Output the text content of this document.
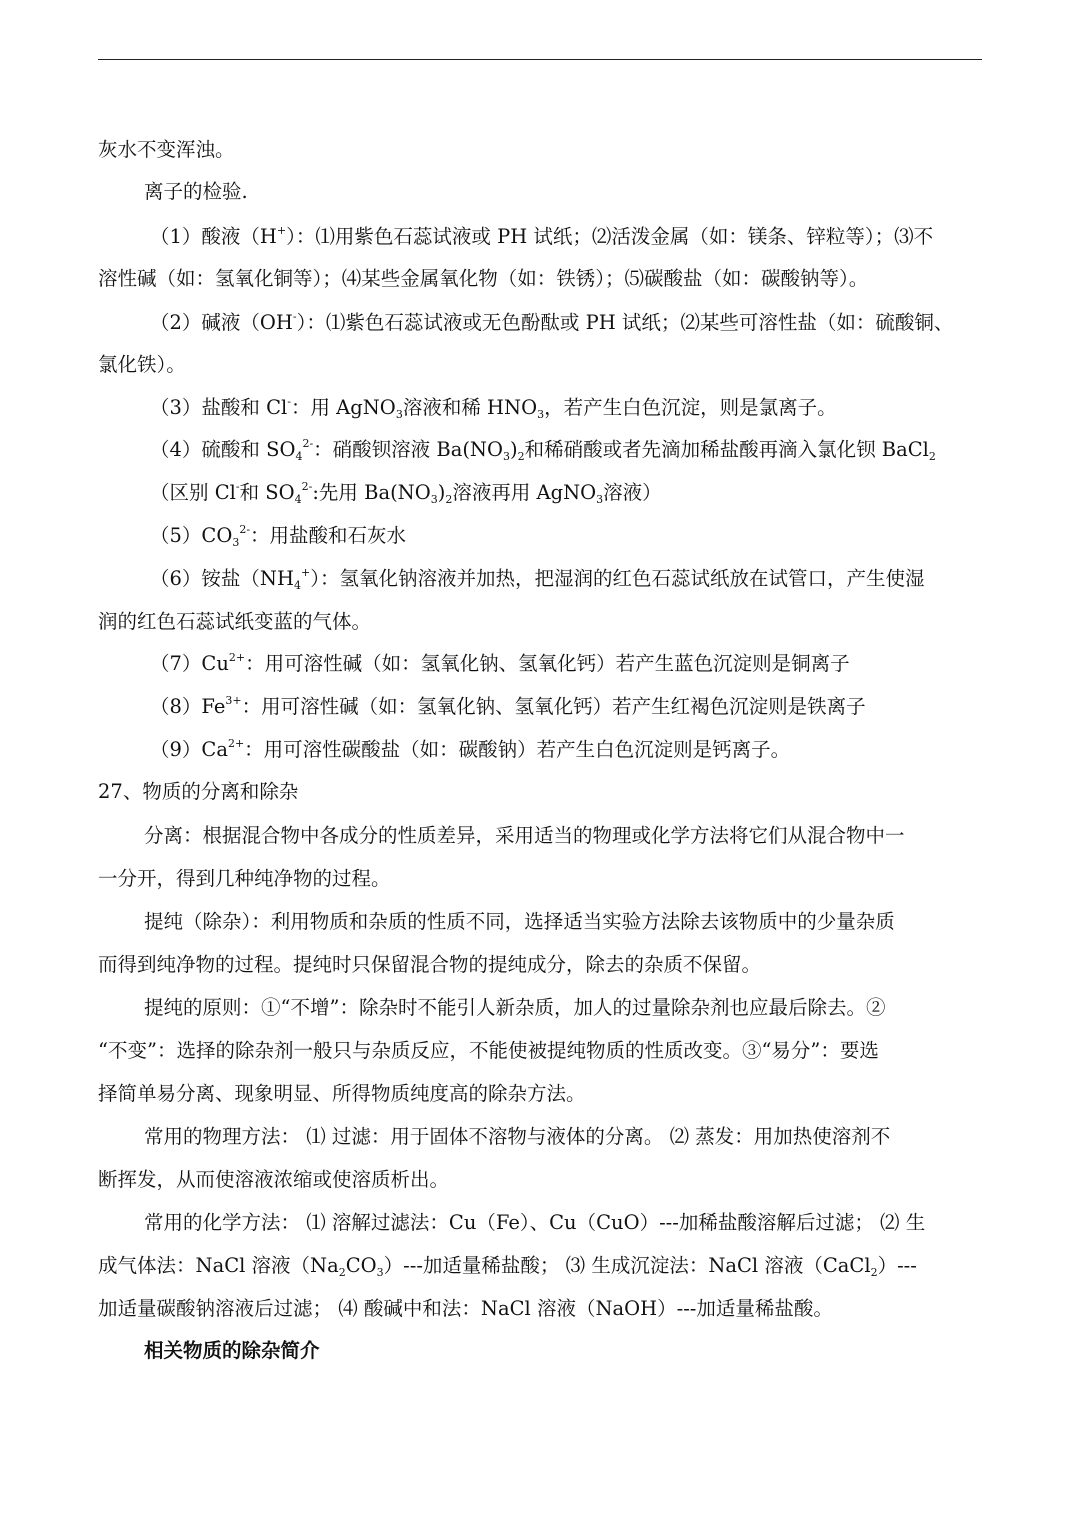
灰水不变浑浊。
离子的检验.
（1）酸液（H+）：⑴用紫色石蕊试液或 PH 试纸；⑵活泼金属（如：镁条、锌粒等）；⑶不
溶性碱（如：氢氧化铜等）；⑷某些金属氧化物（如：铁锈）；⑸碳酸盐（如：碳酸钠等）。
（2）碱液（OH-）：⑴紫色石蕊试液或无色酚酞或 PH 试纸；⑵某些可溶性盐（如：硫酸铜、
氯化铁）。
（3）盐酸和 Cl-：用 AgNO$_3$溶液和稀 $HNO_3$，若产生白色沉淀，则是氯离子。
（4）硫酸和 $SO_4^{2-}$：硝酸钡溶液 $Ba(NO_3)_2$和稀硝酸或者先滴加稀盐酸再滴入氯化钡 BaCl$_2$
（区别 Cl-和 $SO_4^{2-}$:先用 $Ba(NO_3)_2$溶液再用 AgNO$_3$溶液）
$(5)CO_3^{2-}$：用盐酸和石灰水
（6）铵盐$(NH_4^+)$：氢氧化钠溶液并加热，把湿润的红色石蕊试纸放在试管口，产生使湿
润的红色石蕊试纸变蓝的气体。
$(7)Cu^{2+}$：用可溶性碱（如：氢氧化钠、氢氧化钙）若产生蓝色沉淀则是铜离子
$(8)Fe^{3+}$：用可溶性碱（如：氢氧化钠、氢氧化钙）若产生红褐色沉淀则是铁离子
$(9)Ca^{2+}$：用可溶性碳酸盐（如：碳酸钠）若产生白色沉淀则是钙离子。
27、物质的分离和除杂
分离：根据混合物中各成分的性质差异，采用适当的物理或化学方法将它们从混合物中一
一分开，得到几种纯净物的过程。
提纯（除杂）：利用物质和杂质的性质不同，选择适当实验方法除去该物质中的少量杂质
而得到纯净物的过程。提纯时只保留混合物的提纯成分，除去的杂质不保留。
提纯的原则：①“不增”：除杂时不能引人新杂质，加人的过量除杂剂也应最后除去。②
“不变”：选择的除杂剂一般只与杂质反应，不能使被提纯物质的性质改变。③“易分”：要选
择简单易分离、现象明显、所得物质纯度高的除杂方法。
常用的物理方法： ⑴ 过滤：用于固体不溶物与液体的分离。 ⑵ 蒸发：用加热使溶剂不
断挥发，从而使溶液浓缩或使溶质析出。
常用的化学方法： ⑴ 溶解过滤法：Cu（Fe）、Cu（CuO）---加稀盐酸溶解后过滤； ⑵ 生
成气体法：NaCl 溶液$(Na_2CO_3)---$加适量稀盐酸； ⑶ 生成沉淀法：NaCl 溶液（CaCl$_2$）---
加适量碳酸钠溶液后过滤； ⑷ 酸碱中和法：NaCl 溶液（NaOH）---加适量稀盐酸。
相关物质的除杂简介
